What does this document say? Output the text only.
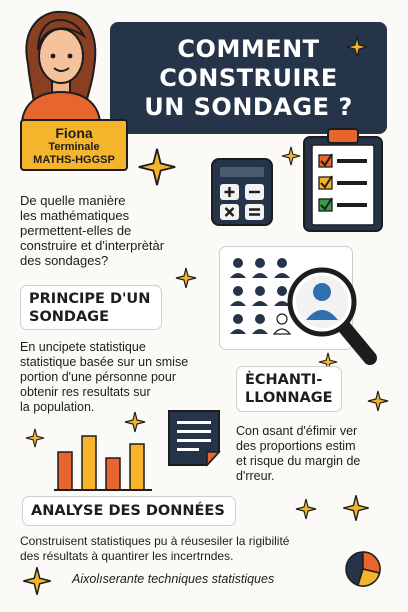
COMMENT
CONSTRUIRE
UN SONDAGE ?
Fiona
Terminale
MATHS-HGGSP
De quelle manière
les mathématiques
permettent-elles de
construire et d'interprètàr
des sondages?
PRINCIPE D'UN
SONDAGE
En uncipete statistique
statistique basée sur un smise
portion d'une pérsonne pour
obtenir res resultats sur
la population.
ÈCHANTI-
LLONNAGE
Con ɑsant d'éfimir ver
des proportions estim
et risque du margin de
d'rreur.
ANALYSE DES DONNÉES
Construisent statistiques pu à réusesiler la rigibilité
des résultats à quantirer les incertrndes.
Aixolıserante techniques statistiques
